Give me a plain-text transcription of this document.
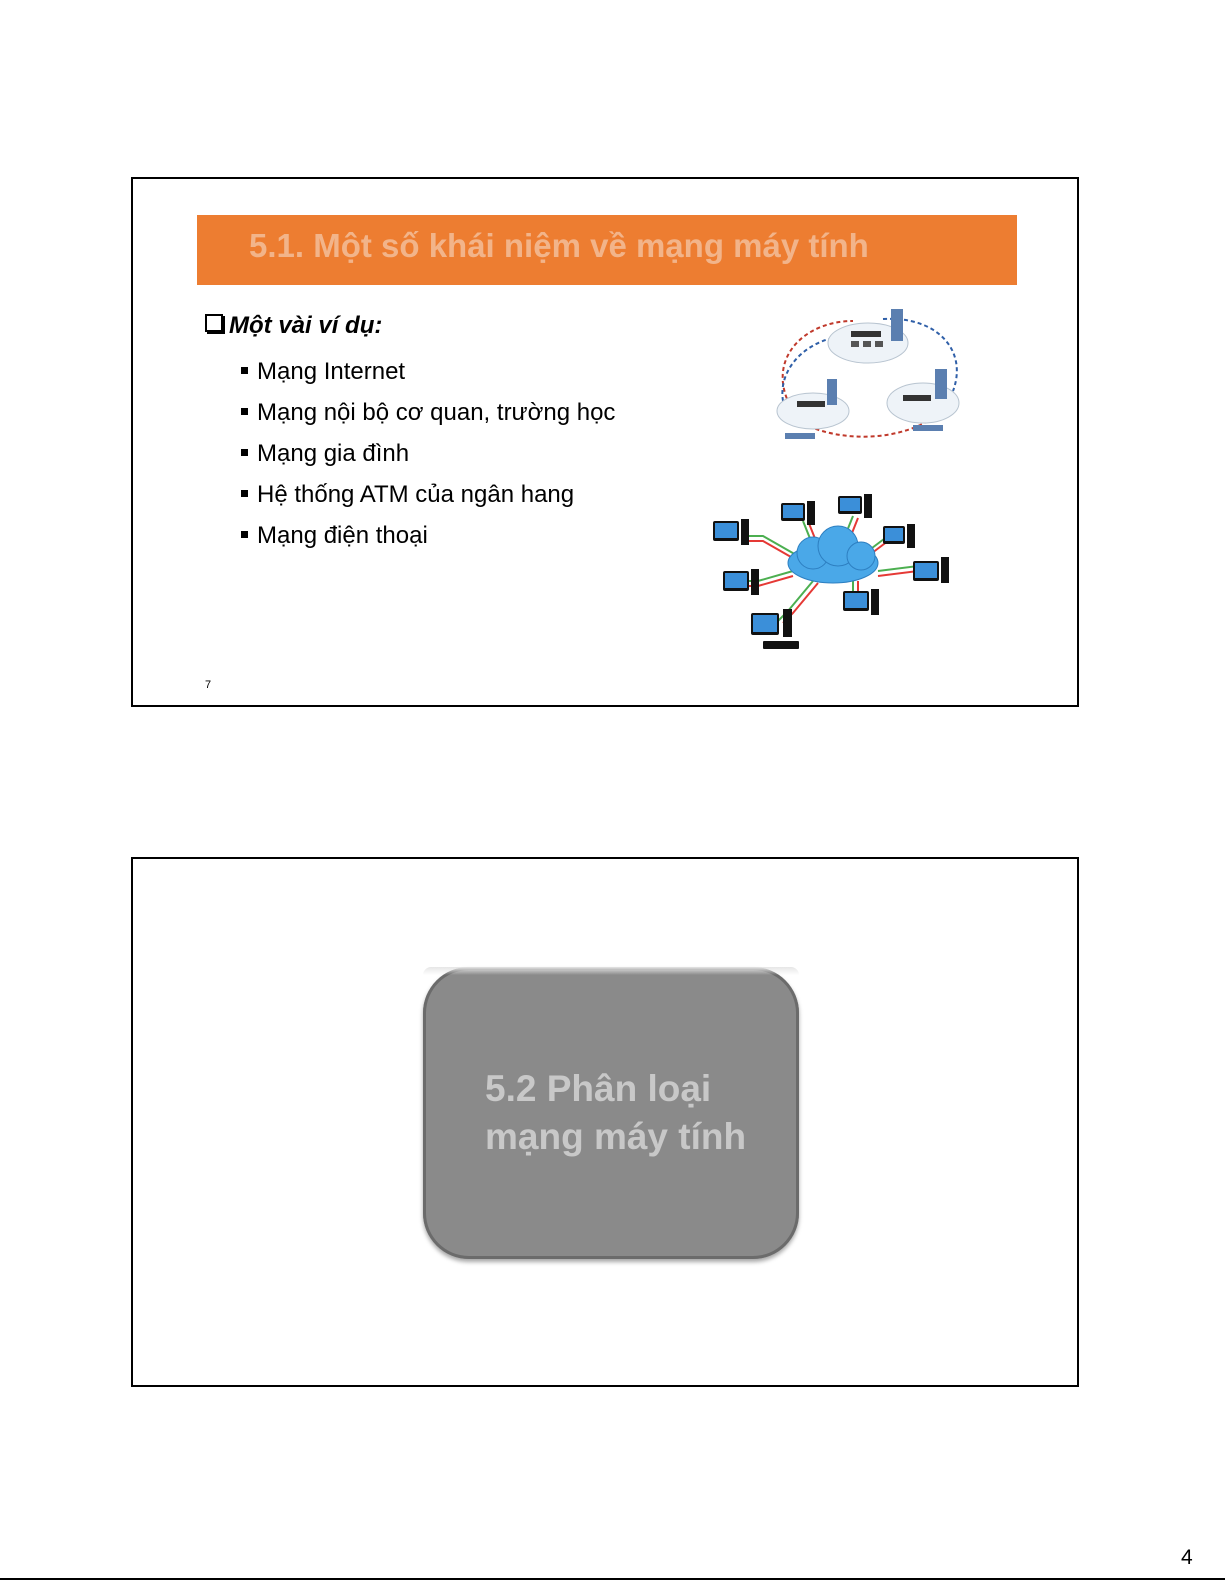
5.1. Một số khái niệm về mạng máy tính
Một vài ví dụ:
Mạng Internet
Mạng nội bộ cơ quan, trường học
Mạng gia đình
Hệ thống ATM của ngân hang
Mạng điện thoại
7
5.2 Phân loại
mạng máy tính
4
